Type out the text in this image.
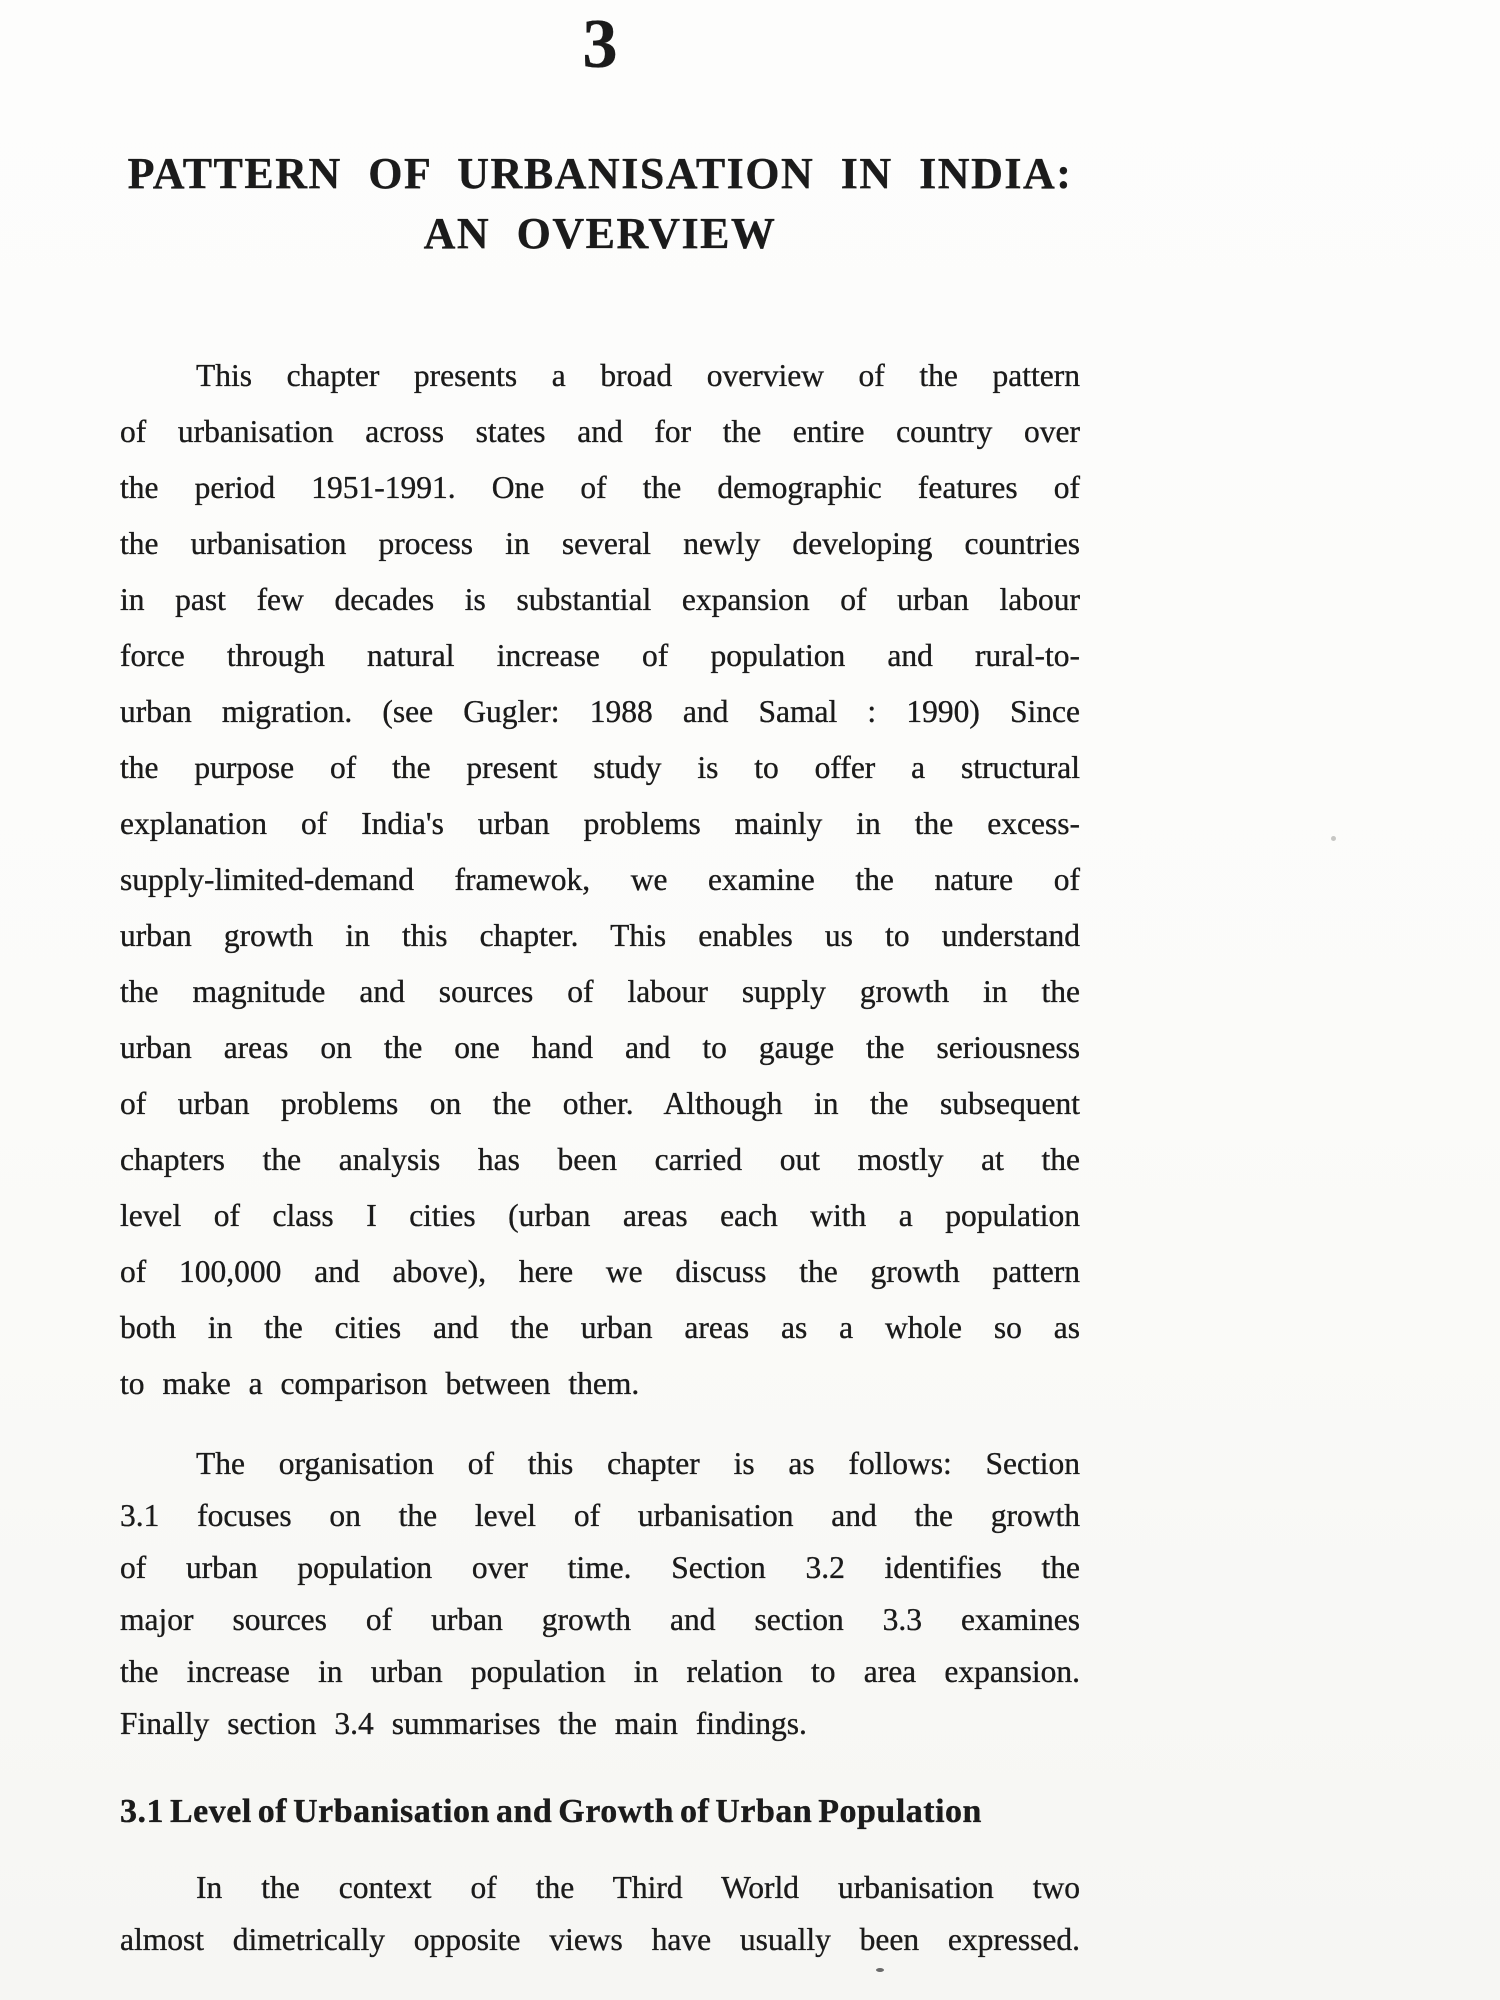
3
PATTERN OF URBANISATION IN INDIA:
AN OVERVIEW
This chapter presents a broad overview of the pattern
of urbanisation across states and for the entire country over
the period 1951-1991. One of the demographic features of
the urbanisation process in several newly developing countries
in past few decades is substantial expansion of urban labour
force through natural increase of population and rural-to-
urban migration. (see Gugler: 1988 and Samal : 1990) Since
the purpose of the present study is to offer a structural
explanation of India's urban problems mainly in the excess-
supply-limited-demand framewok, we examine the nature of
urban growth in this chapter. This enables us to understand
the magnitude and sources of labour supply growth in the
urban areas on the one hand and to gauge the seriousness
of urban problems on the other. Although in the subsequent
chapters the analysis has been carried out mostly at the
level of class I cities (urban areas each with a population
of 100,000 and above), here we discuss the growth pattern
both in the cities and the urban areas as a whole so as
to make a comparison between them.
The organisation of this chapter is as follows: Section
3.1 focuses on the level of urbanisation and the growth
of urban population over time. Section 3.2 identifies the
major sources of urban growth and section 3.3 examines
the increase in urban population in relation to area expansion.
Finally section 3.4 summarises the main findings.
3.1 Level of Urbanisation and Growth of Urban Population
In the context of the Third World urbanisation two
almost dimetrically opposite views have usually been expressed.
